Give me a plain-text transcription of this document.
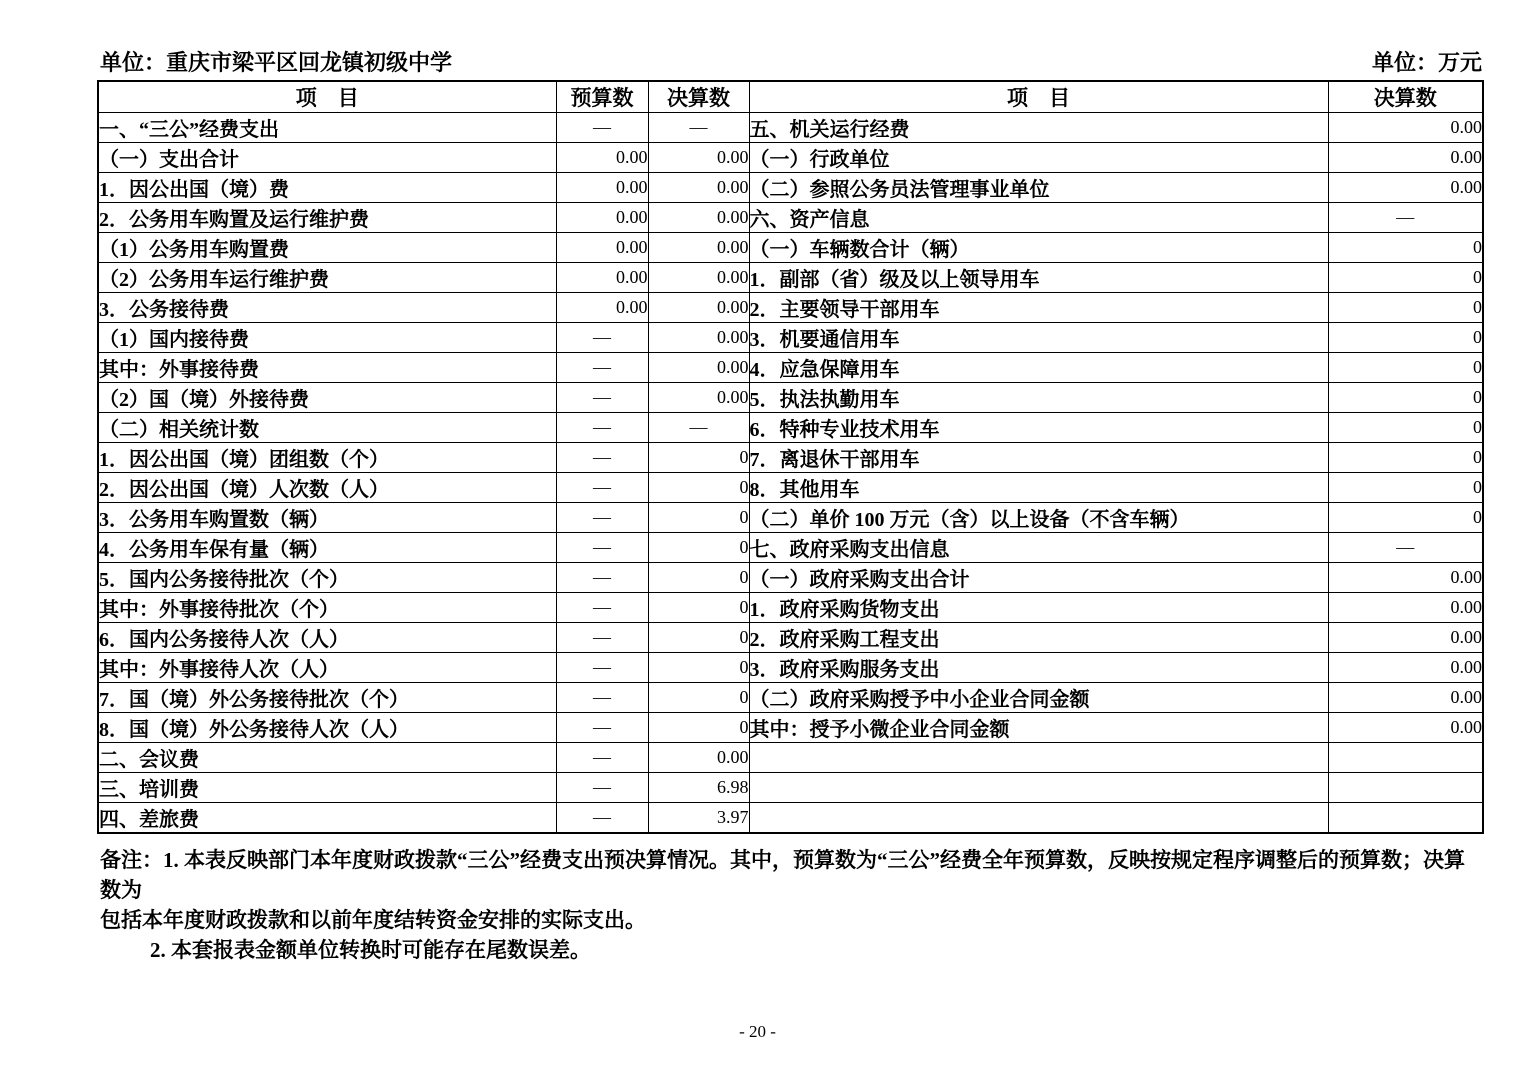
单位：重庆市梁平区回龙镇初级中学	单位：万元
项　目	预算数	决算数	项　目	决算数
一、“三公”经费支出	—	—	五、机关运行经费	0.00
（一）支出合计	0.00	0.00	（一）行政单位	0.00
1．因公出国（境）费	0.00	0.00	（二）参照公务员法管理事业单位	0.00
2．公务用车购置及运行维护费	0.00	0.00	六、资产信息	—
（1）公务用车购置费	0.00	0.00	（一）车辆数合计（辆）	0
（2）公务用车运行维护费	0.00	0.00	1．副部（省）级及以上领导用车	0
3．公务接待费	0.00	0.00	2．主要领导干部用车	0
（1）国内接待费	—	0.00	3．机要通信用车	0
其中：外事接待费	—	0.00	4．应急保障用车	0
（2）国（境）外接待费	—	0.00	5．执法执勤用车	0
（二）相关统计数	—	—	6．特种专业技术用车	0
1．因公出国（境）团组数（个）	—	0	7．离退休干部用车	0
2．因公出国（境）人次数（人）	—	0	8．其他用车	0
3．公务用车购置数（辆）	—	0	（二）单价 100 万元（含）以上设备（不含车辆）	0
4．公务用车保有量（辆）	—	0	七、政府采购支出信息	—
5．国内公务接待批次（个）	—	0	（一）政府采购支出合计	0.00
其中：外事接待批次（个）	—	0	1．政府采购货物支出	0.00
6．国内公务接待人次（人）	—	0	2．政府采购工程支出	0.00
其中：外事接待人次（人）	—	0	3．政府采购服务支出	0.00
7．国（境）外公务接待批次（个）	—	0	（二）政府采购授予中小企业合同金额	0.00
8．国（境）外公务接待人次（人）	—	0	其中：授予小微企业合同金额	0.00
二、会议费	—	0.00		
三、培训费	—	6.98		
四、差旅费	—	3.97		
备注：1. 本表反映部门本年度财政拨款“三公”经费支出预决算情况。其中，预算数为“三公”经费全年预算数，反映按规定程序调整后的预算数；决算数为
包括本年度财政拨款和以前年度结转资金安排的实际支出。
2. 本套报表金额单位转换时可能存在尾数误差。
- 20 -
